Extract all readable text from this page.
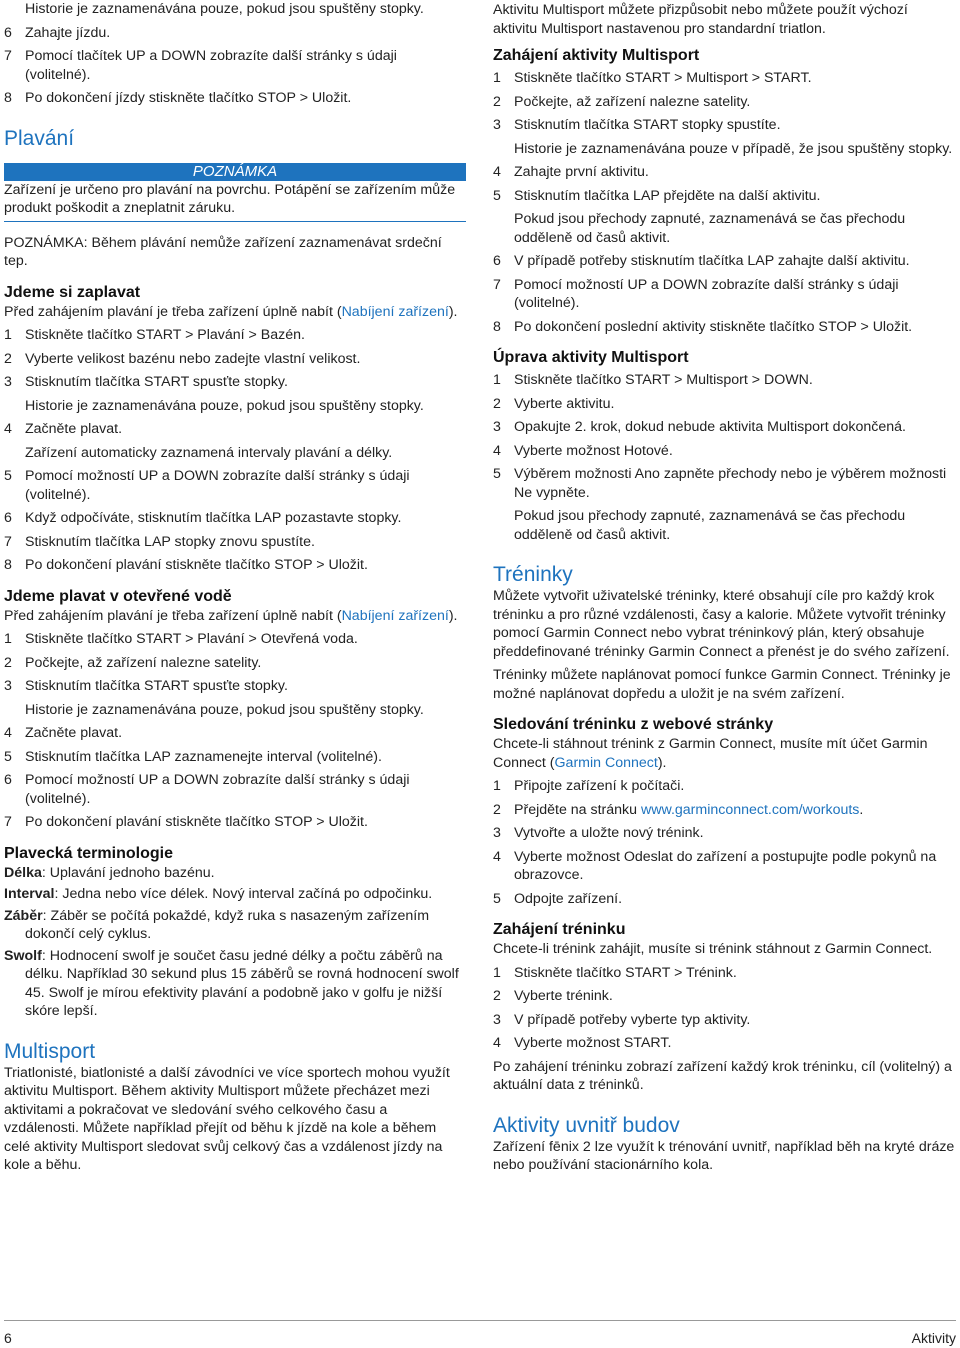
Historie je zaznamenávána pouze, pokud jsou spuštěny stopky.

6 Zahajte jízdu.
7 Pomocí tlačítek UP a DOWN zobrazíte další stránky s údaji (volitelné).
8 Po dokončení jízdy stiskněte tlačítko STOP > Uložit.
Plavání
POZNÁMKA
Zařízení je určeno pro plavání na povrchu. Potápění se zařízením může produkt poškodit a zneplatnit záruku.

POZNÁMKA: Během plávání nemůže zařízení zaznamenávat srdeční tep.

Jdeme si zaplavat

Před zahájením plavání je třeba zařízení úplně nabít (Nabíjení zařízení).

1 Stiskněte tlačítko START > Plavání > Bazén.
2 Vyberte velikost bazénu nebo zadejte vlastní velikost.
3 Stisknutím tlačítka START spusťte stopky.

Historie je zaznamenávána pouze, pokud jsou spuštěny stopky.

4 Začněte plavat.

Zařízení automaticky zaznamená intervaly plavání a délky.

5 Pomocí možností UP a DOWN zobrazíte další stránky s údaji (volitelné).
6 Když odpočíváte, stisknutím tlačítka LAP pozastavte stopky.
7 Stisknutím tlačítka LAP stopky znovu spustíte.
8 Po dokončení plavání stiskněte tlačítko STOP > Uložit.
Jdeme plavat v otevřené vodě

Před zahájením plavání je třeba zařízení úplně nabít (Nabíjení zařízení).

1 Stiskněte tlačítko START > Plavání > Otevřená voda.
2 Počkejte, až zařízení nalezne satelity.
3 Stisknutím tlačítka START spusťte stopky.

Historie je zaznamenávána pouze, pokud jsou spuštěny stopky.

4 Začněte plavat.
5 Stisknutím tlačítka LAP zaznamenejte interval (volitelné).
6 Pomocí možností UP a DOWN zobrazíte další stránky s údaji (volitelné).
7 Po dokončení plavání stiskněte tlačítko STOP > Uložit.
Plavecká terminologie

Délka: Uplavání jednoho bazénu.

Interval: Jedna nebo více délek. Nový interval začíná po odpočinku.

Záběr: Záběr se počítá pokaždé, když ruka s nasazeným zařízením dokončí celý cyklus.

Swolf: Hodnocení swolf je součet času jedné délky a počtu záběrů na délku. Například 30 sekund plus 15 záběrů se rovná hodnocení swolf 45. Swolf je mírou efektivity plavání a podobně jako v golfu je nižší skóre lepší.

Multisport

Triatlonisté, biatlonisté a další závodníci ve více sportech mohou využít aktivitu Multisport. Během aktivity Multisport můžete přecházet mezi aktivitami a pokračovat ve sledování svého celkového času a vzdálenosti. Můžete například přejít od běhu k jízdě na kole a během celé aktivity Multisport sledovat svůj celkový čas a vzdálenost jízdy na kole a běhu.

Aktivitu Multisport můžete přizpůsobit nebo můžete použít výchozí aktivitu Multisport nastavenou pro standardní triatlon.

Zahájení aktivity Multisport
1 Stiskněte tlačítko START > Multisport > START.
2 Počkejte, až zařízení nalezne satelity.
3 Stisknutím tlačítka START stopky spustíte.

Historie je zaznamenávána pouze v případě, že jsou spuštěny stopky.

4 Zahajte první aktivitu.
5 Stisknutím tlačítka LAP přejděte na další aktivitu.

Pokud jsou přechody zapnuté, zaznamenává se čas přechodu odděleně od časů aktivit.

6 V případě potřeby stisknutím tlačítka LAP zahajte další aktivitu.
7 Pomocí možností UP a DOWN zobrazíte další stránky s údaji (volitelné).
8 Po dokončení poslední aktivity stiskněte tlačítko STOP > Uložit.
Úprava aktivity Multisport
1 Stiskněte tlačítko START > Multisport > DOWN.
2 Vyberte aktivitu.
3 Opakujte 2. krok, dokud nebude aktivita Multisport dokončená.
4 Vyberte možnost Hotové.
5 Výběrem možnosti Ano zapněte přechody nebo je výběrem možnosti Ne vypněte.

Pokud jsou přechody zapnuté, zaznamenává se čas přechodu odděleně od časů aktivit.

Tréninky

Můžete vytvořit uživatelské tréninky, které obsahují cíle pro každý krok tréninku a pro různé vzdálenosti, časy a kalorie. Můžete vytvořit tréninky pomocí Garmin Connect nebo vybrat tréninkový plán, který obsahuje předdefinované tréninky Garmin Connect a přenést je do svého zařízení.

Tréninky můžete naplánovat pomocí funkce Garmin Connect. Tréninky je možné naplánovat dopředu a uložit je na svém zařízení.

Sledování tréninku z webové stránky

Chcete-li stáhnout trénink z Garmin Connect, musíte mít účet Garmin Connect (Garmin Connect).

1 Připojte zařízení k počítači.
2 Přejděte na stránku www.garminconnect.com/workouts.
3 Vytvořte a uložte nový trénink.
4 Vyberte možnost Odeslat do zařízení a postupujte podle pokynů na obrazovce.
5 Odpojte zařízení.
Zahájení tréninku

Chcete-li trénink zahájit, musíte si trénink stáhnout z Garmin Connect.

1 Stiskněte tlačítko START > Trénink.
2 Vyberte trénink.
3 V případě potřeby vyberte typ aktivity.
4 Vyberte možnost START.

Po zahájení tréninku zobrazí zařízení každý krok tréninku, cíl (volitelný) a aktuální data z tréninků.

Aktivity uvnitř budov

Zařízení fēnix 2 lze využít k trénování uvnitř, například běh na kryté dráze nebo používání stacionárního kola.

6	Aktivity
